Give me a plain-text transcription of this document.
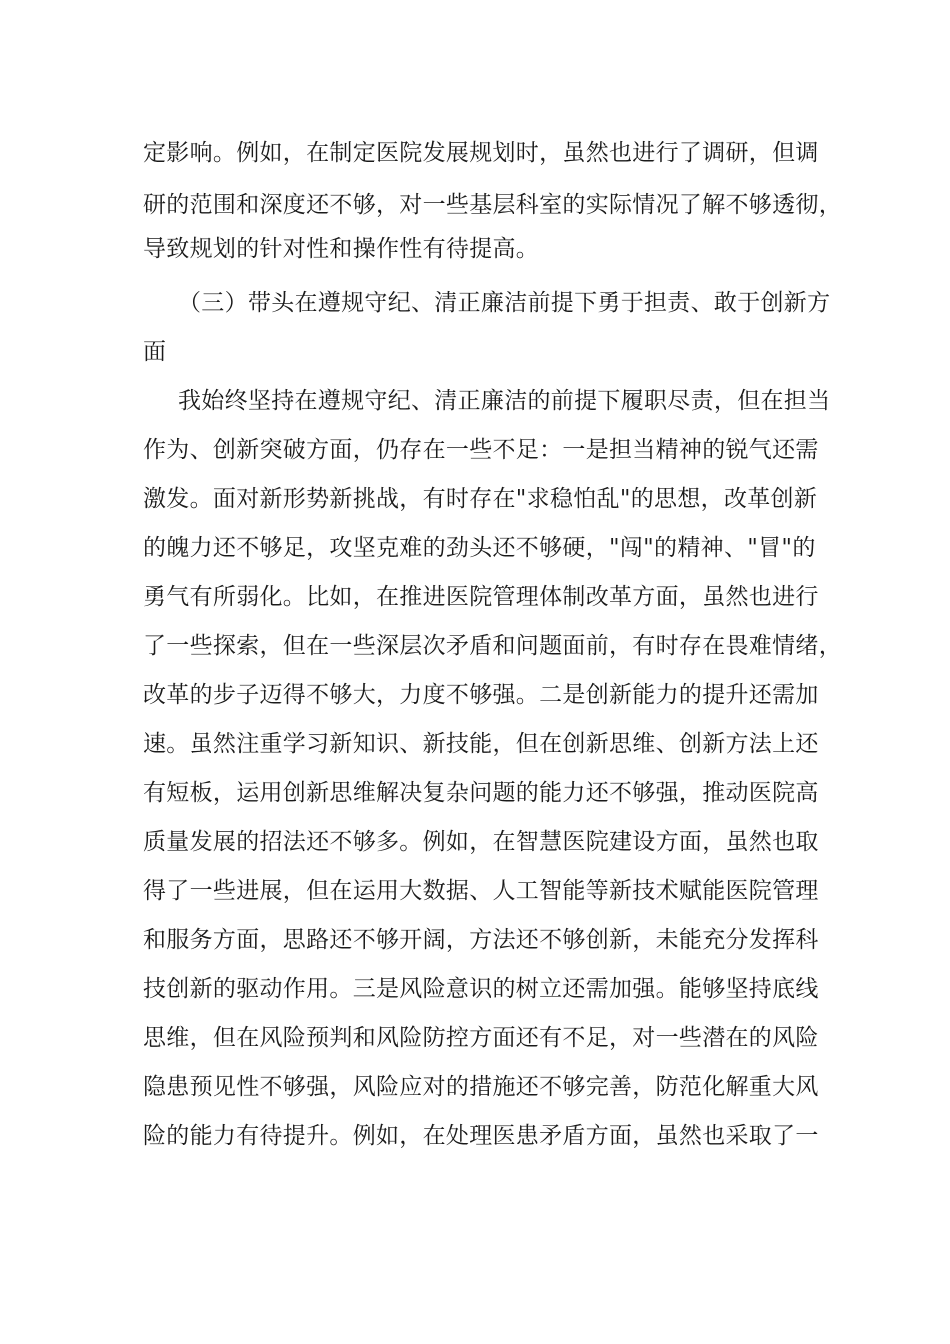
定影响。例如，在制定医院发展规划时，虽然也进行了调研，但调
研的范围和深度还不够，对一些基层科室的实际情况了解不够透彻，
导致规划的针对性和操作性有待提高。
（三）带头在遵规守纪、清正廉洁前提下勇于担责、敢于创新方
面
我始终坚持在遵规守纪、清正廉洁的前提下履职尽责，但在担当
作为、创新突破方面，仍存在一些不足：一是担当精神的锐气还需
激发。面对新形势新挑战，有时存在"求稳怕乱"的思想，改革创新
的魄力还不够足，攻坚克难的劲头还不够硬，"闯"的精神、"冒"的
勇气有所弱化。比如，在推进医院管理体制改革方面，虽然也进行
了一些探索，但在一些深层次矛盾和问题面前，有时存在畏难情绪，
改革的步子迈得不够大，力度不够强。二是创新能力的提升还需加
速。虽然注重学习新知识、新技能，但在创新思维、创新方法上还
有短板，运用创新思维解决复杂问题的能力还不够强，推动医院高
质量发展的招法还不够多。例如，在智慧医院建设方面，虽然也取
得了一些进展，但在运用大数据、人工智能等新技术赋能医院管理
和服务方面，思路还不够开阔，方法还不够创新，未能充分发挥科
技创新的驱动作用。三是风险意识的树立还需加强。能够坚持底线
思维，但在风险预判和风险防控方面还有不足，对一些潜在的风险
隐患预见性不够强，风险应对的措施还不够完善，防范化解重大风
险的能力有待提升。例如，在处理医患矛盾方面，虽然也采取了一
